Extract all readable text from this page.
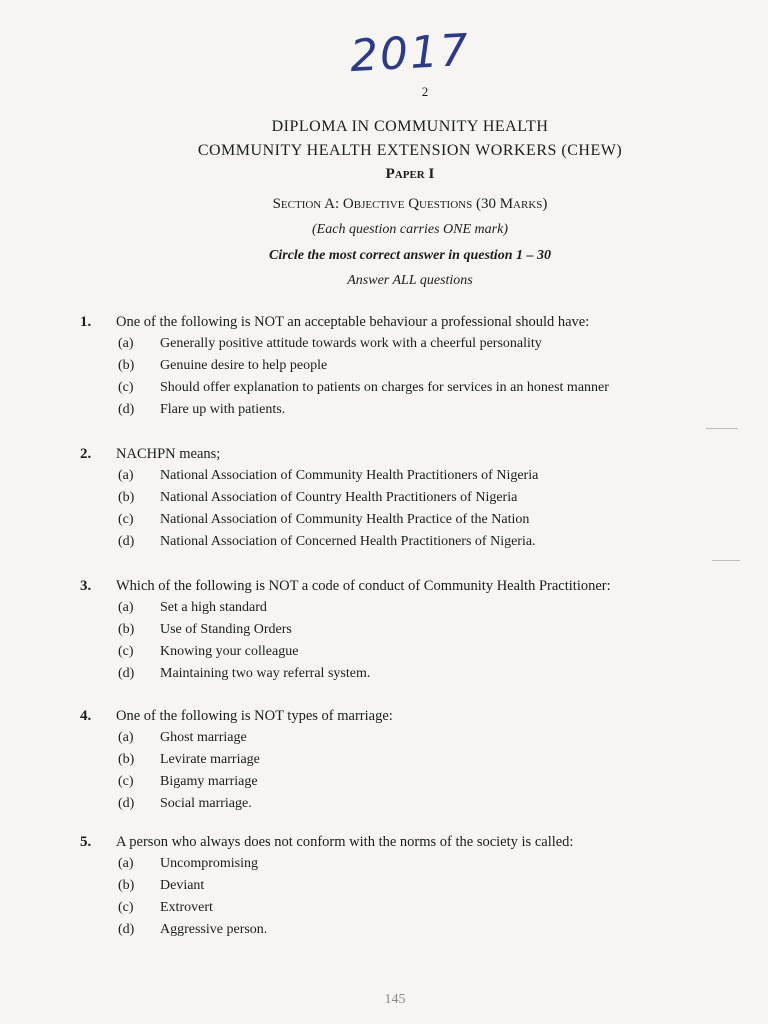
2017
2
DIPLOMA IN COMMUNITY HEALTH
COMMUNITY HEALTH EXTENSION WORKERS (CHEW)
Paper I
Section A: Objective Questions (30 Marks)
(Each question carries ONE mark)
Circle the most correct answer in question 1 – 30
Answer ALL questions
1. One of the following is NOT an acceptable behaviour a professional should have:
(a) Generally positive attitude towards work with a cheerful personality
(b) Genuine desire to help people
(c) Should offer explanation to patients on charges for services in an honest manner
(d) Flare up with patients.
2. NACHPN means;
(a) National Association of Community Health Practitioners of Nigeria
(b) National Association of Country Health Practitioners of Nigeria
(c) National Association of Community Health Practice of the Nation
(d) National Association of Concerned Health Practitioners of Nigeria.
3. Which of the following is NOT a code of conduct of Community Health Practitioner:
(a) Set a high standard
(b) Use of Standing Orders
(c) Knowing your colleague
(d) Maintaining two way referral system.
4. One of the following is NOT types of marriage:
(a) Ghost marriage
(b) Levirate marriage
(c) Bigamy marriage
(d) Social marriage.
5. A person who always does not conform with the norms of the society is called:
(a) Uncompromising
(b) Deviant
(c) Extrovert
(d) Aggressive person.
145
